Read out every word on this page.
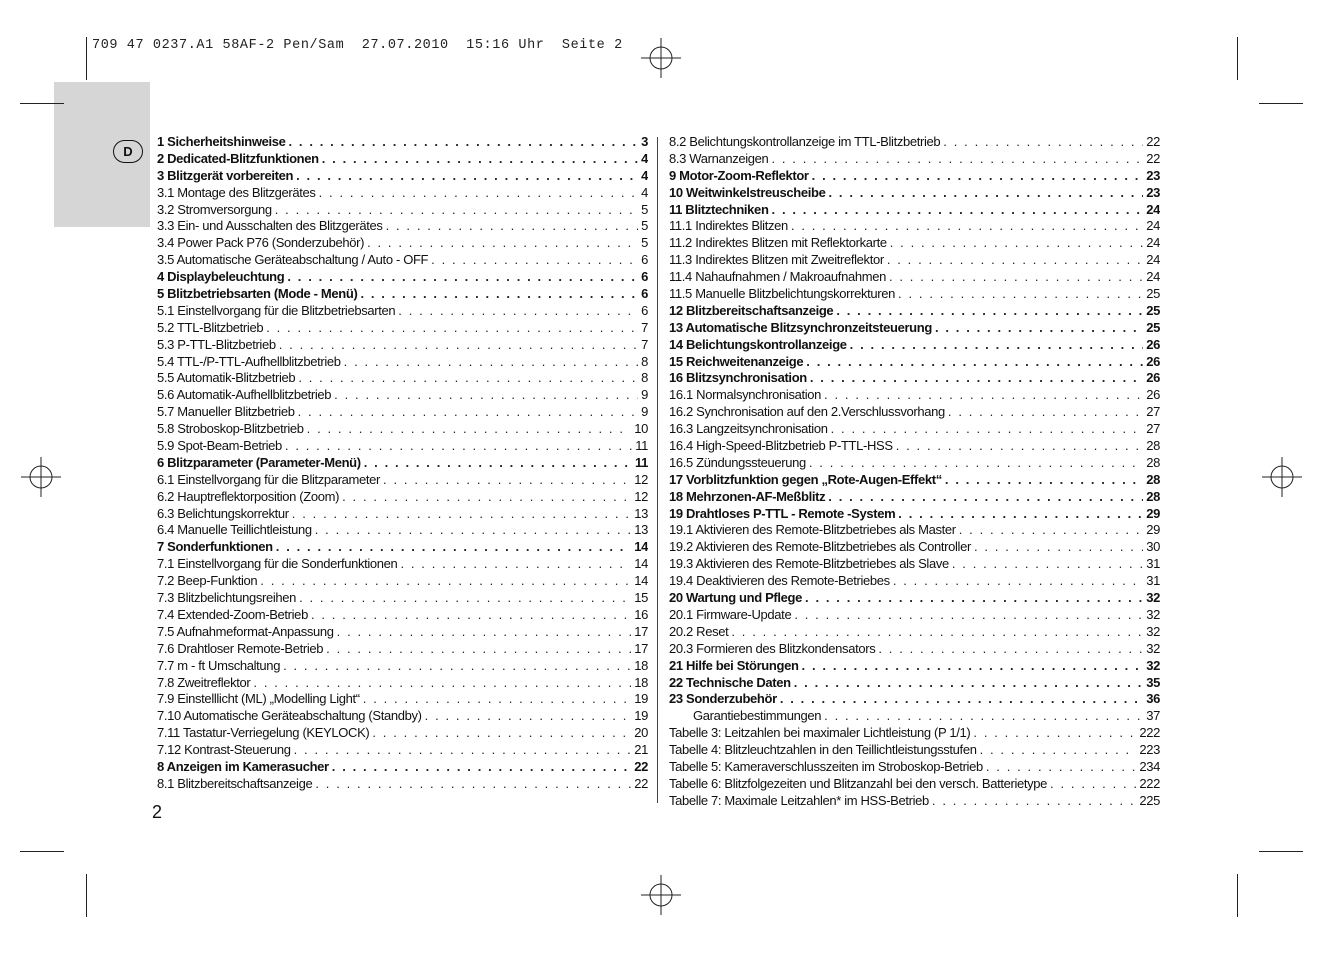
709 47 0237.A1 58AF-2 Pen/Sam  27.07.2010  15:16 Uhr  Seite 2
D
1 Sicherheitshinweise . . .	3
2 Dedicated-Blitzfunktionen . . .	4
3 Blitzgerät vorbereiten . . .	4
3.1 Montage des Blitzgerätes . . .	4
3.2 Stromversorgung . . .	5
3.3 Ein- und Ausschalten des Blitzgerätes . . .	5
3.4 Power Pack P76 (Sonderzubehör) . . .	5
3.5 Automatische Geräteabschaltung / Auto - OFF . . .	6
4 Displaybeleuchtung . . .	6
5 Blitzbetriebsarten (Mode - Menü) . . .	6
5.1 Einstellvorgang für die Blitzbetriebsarten . . .	6
5.2 TTL-Blitzbetrieb . . .	7
5.3 P-TTL-Blitzbetrieb . . .	7
5.4 TTL-/P-TTL-Aufhellblitzbetrieb . . .	8
5.5 Automatik-Blitzbetrieb . . .	8
5.6 Automatik-Aufhellblitzbetrieb . . .	9
5.7 Manueller Blitzbetrieb . . .	9
5.8 Stroboskop-Blitzbetrieb . . .	10
5.9 Spot-Beam-Betrieb . . .	11
6 Blitzparameter (Parameter-Menü) . . .	11
6.1 Einstellvorgang für die Blitzparameter . . .	12
6.2 Hauptreflektorposition (Zoom) . . .	12
6.3 Belichtungskorrektur . . .	13
6.4 Manuelle Teillichtleistung . . .	13
7 Sonderfunktionen . . .	14
7.1 Einstellvorgang für die Sonderfunktionen . . .	14
7.2 Beep-Funktion . . .	14
7.3 Blitzbelichtungsreihen . . .	15
7.4 Extended-Zoom-Betrieb . . .	16
7.5 Aufnahmeformat-Anpassung . . .	17
7.6 Drahtloser Remote-Betrieb . . .	17
7.7 m - ft Umschaltung . . .	18
7.8 Zweitreflektor . . .	18
7.9 Einstelllicht (ML) „Modelling Light“ . . .	19
7.10 Automatische Geräteabschaltung (Standby) . . .	19
7.11 Tastatur-Verriegelung (KEYLOCK) . . .	20
7.12 Kontrast-Steuerung . . .	21
8 Anzeigen im Kamerasucher . . .	22
8.1 Blitzbereitschaftsanzeige . . .	22
8.2 Belichtungskontrollanzeige im TTL-Blitzbetrieb . . .	22
8.3 Warnanzeigen . . .	22
9 Motor-Zoom-Reflektor . . .	23
10 Weitwinkelstreuscheibe . . .	23
11 Blitztechniken . . .	24
11.1 Indirektes Blitzen . . .	24
11.2 Indirektes Blitzen mit Reflektorkarte . . .	24
11.3 Indirektes Blitzen mit Zweitreflektor . . .	24
11.4 Nahaufnahmen / Makroaufnahmen . . .	24
11.5 Manuelle Blitzbelichtungskorrekturen . . .	25
12 Blitzbereitschaftsanzeige . . .	25
13 Automatische Blitzsynchronzeitsteuerung . . .	25
14 Belichtungskontrollanzeige . . .	26
15 Reichweitenanzeige . . .	26
16 Blitzsynchronisation . . .	26
16.1 Normalsynchronisation . . .	26
16.2 Synchronisation auf den 2.Verschlussvorhang . . .	27
16.3 Langzeitsynchronisation . . .	27
16.4 High-Speed-Blitzbetrieb P-TTL-HSS . . .	28
16.5 Zündungssteuerung . . .	28
17 Vorblitzfunktion gegen „Rote-Augen-Effekt“ . . .	28
18 Mehrzonen-AF-Meßblitz . . .	28
19 Drahtloses P-TTL - Remote -System . . .	29
19.1 Aktivieren des Remote-Blitzbetriebes als Master . . .	29
19.2 Aktivieren des Remote-Blitzbetriebes als Controller . . .	30
19.3 Aktivieren des Remote-Blitzbetriebes als Slave . . .	31
19.4 Deaktivieren des Remote-Betriebes . . .	31
20 Wartung und Pflege . . .	32
20.1 Firmware-Update . . .	32
20.2 Reset . . .	32
20.3 Formieren des Blitzkondensators . . .	32
21 Hilfe bei Störungen . . .	32
22 Technische Daten . . .	35
23 Sonderzubehör . . .	36
Garantiebestimmungen . . .	37
Tabelle 3: Leitzahlen bei maximaler Lichtleistung (P 1/1) . . .	222
Tabelle 4: Blitzleuchtzahlen in den Teillichtleistungsstufen . . .	223
Tabelle 5: Kameraverschlusszeiten im Stroboskop-Betrieb . . .	234
Tabelle 6: Blitzfolgezeiten und Blitzanzahl bei den versch. Batterietype . . .	222
Tabelle 7: Maximale Leitzahlen* im HSS-Betrieb . . .	225
2
